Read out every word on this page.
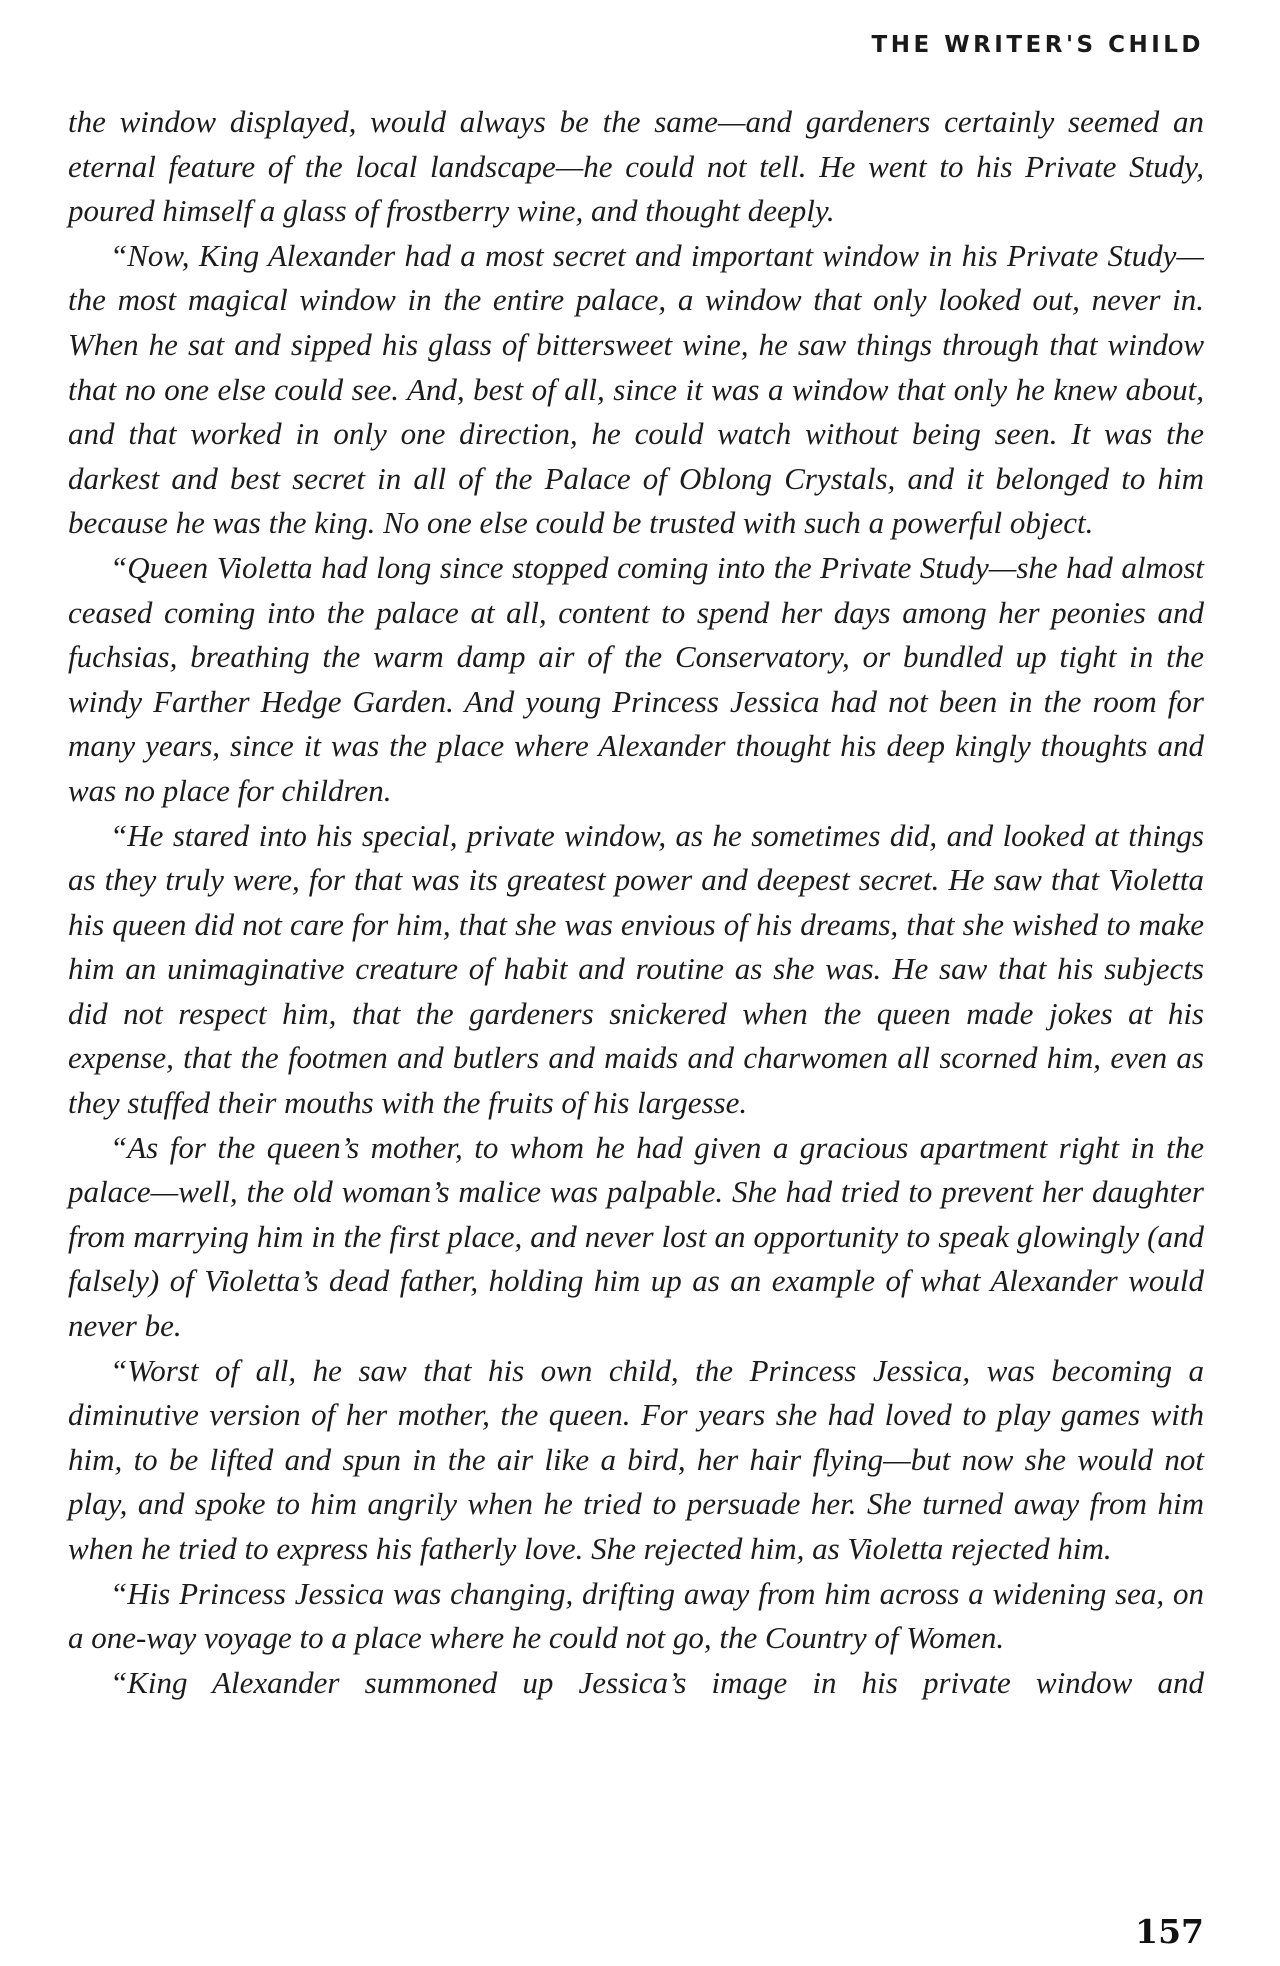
THE WRITER'S CHILD

the window displayed, would always be the same—and gardeners certainly seemed an eternal feature of the local landscape—he could not tell. He went to his Private Study, poured himself a glass of frostberry wine, and thought deeply.

“Now, King Alexander had a most secret and important window in his Private Study—the most magical window in the entire palace, a window that only looked out, never in. When he sat and sipped his glass of bittersweet wine, he saw things through that window that no one else could see. And, best of all, since it was a window that only he knew about, and that worked in only one direction, he could watch without being seen. It was the darkest and best secret in all of the Palace of Oblong Crystals, and it belonged to him because he was the king. No one else could be trusted with such a powerful object.

“Queen Violetta had long since stopped coming into the Private Study—she had almost ceased coming into the palace at all, content to spend her days among her peonies and fuchsias, breathing the warm damp air of the Conservatory, or bundled up tight in the windy Farther Hedge Garden. And young Princess Jessica had not been in the room for many years, since it was the place where Alexander thought his deep kingly thoughts and was no place for children.

“He stared into his special, private window, as he sometimes did, and looked at things as they truly were, for that was its greatest power and deepest secret. He saw that Violetta his queen did not care for him, that she was envious of his dreams, that she wished to make him an unimaginative creature of habit and routine as she was. He saw that his subjects did not respect him, that the gardeners snickered when the queen made jokes at his expense, that the footmen and butlers and maids and charwomen all scorned him, even as they stuffed their mouths with the fruits of his largesse.

“As for the queen’s mother, to whom he had given a gracious apartment right in the palace—well, the old woman’s malice was palpable. She had tried to prevent her daughter from marrying him in the first place, and never lost an opportunity to speak glowingly (and falsely) of Violetta’s dead father, holding him up as an example of what Alexander would never be.

“Worst of all, he saw that his own child, the Princess Jessica, was becoming a diminutive version of her mother, the queen. For years she had loved to play games with him, to be lifted and spun in the air like a bird, her hair flying—but now she would not play, and spoke to him angrily when he tried to persuade her. She turned away from him when he tried to express his fatherly love. She rejected him, as Violetta rejected him.

“His Princess Jessica was changing, drifting away from him across a widening sea, on a one-way voyage to a place where he could not go, the Country of Women.

“King Alexander summoned up Jessica’s image in his private window and

157
